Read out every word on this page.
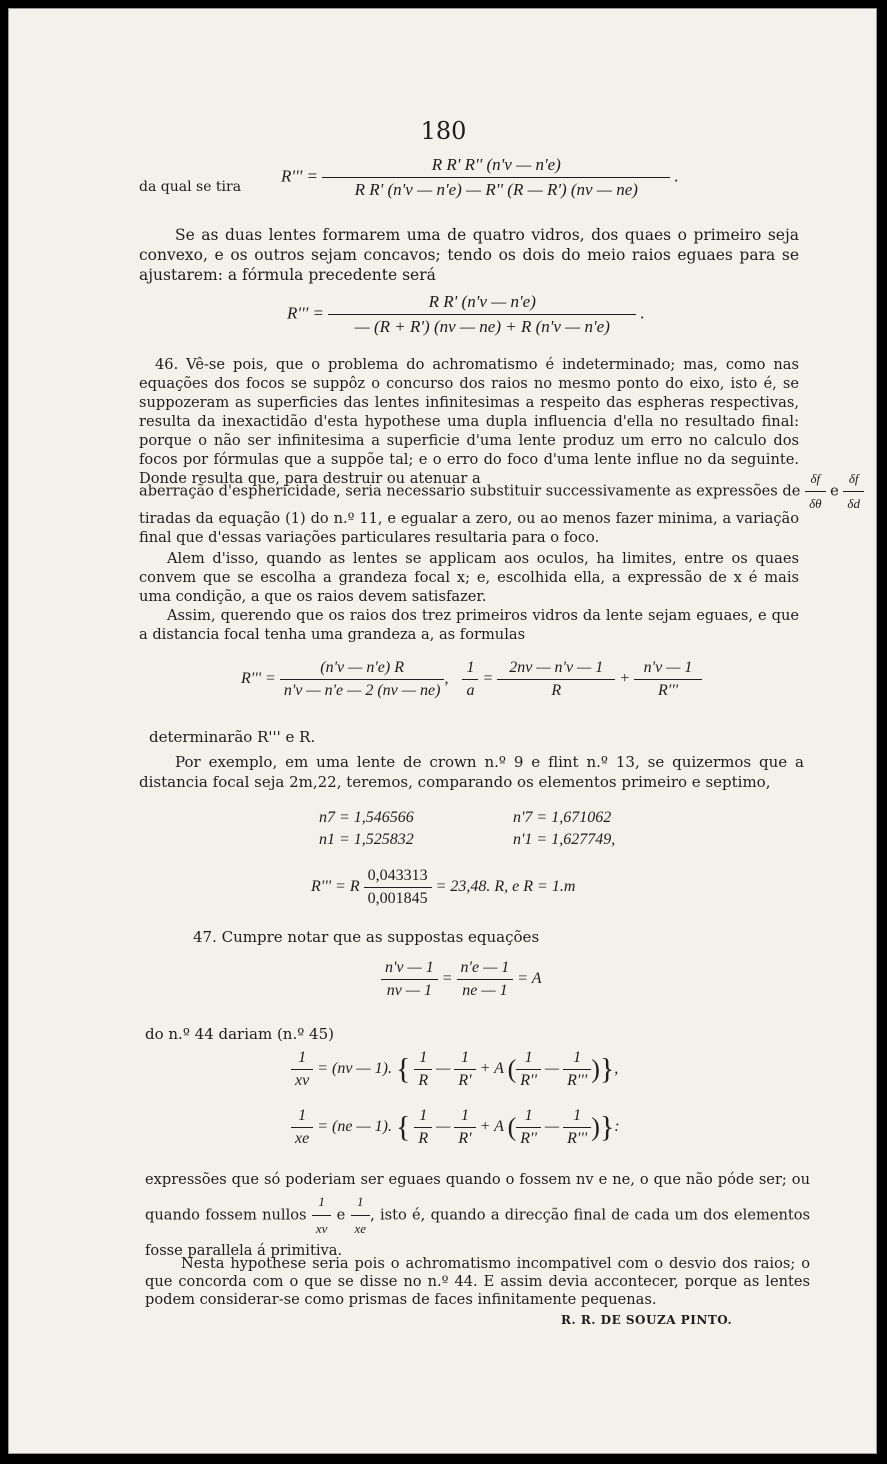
180
da qual se tira
$R''' = \frac{\text{R R' R'' (n'v — n'e)}}{\text{R R' (n'v — n'e) — R'' (R — R') (nv — ne)}}$ .
Se as duas lentes formarem uma de quatro vidros, dos quaes o primeiro seja convexo, e os outros sejam concavos; tendo os dois do meio raios eguaes para se ajustarem: a fórmula precedente será
$R''' = \frac{\text{R R' (n'v — n'e)}}{— (R + R') (nv — ne) + R (n'v — n'e)}$ .
46. Vê-se pois, que o problema do achromatismo é indeterminado; mas, como nas equações dos focos se suppôz o concurso dos raios no mesmo ponto do eixo, isto é, se suppozeram as superficies das lentes infinitesimas a respeito das espheras respectivas, resulta da inexactidão d'esta hypothese uma dupla influencia d'ella no resultado final: porque o não ser infinitesima a superficie d'uma lente produz um erro no calculo dos focos por fórmulas que a suppõe tal; e o erro do foco d'uma lente influe no da seguinte. Donde resulta que, para destruir ou atenuar a
aberração d'esphericidade, seria necessario substituir successivamente as expressões de $\frac{\delta f}{\delta\theta}$ e $\frac{\delta f}{\delta d}$
tiradas da equação (1) do n.º 11, e egualar a zero, ou ao menos fazer minima, a variação final que d'essas variações particulares resultaria para o foco.
Alem d'isso, quando as lentes se applicam aos oculos, ha limites, entre os quaes convem que se escolha a grandeza focal x; e, escolhida ella, a expressão de x é mais uma condição, a que os raios devem satisfazer.
Assim, querendo que os raios dos trez primeiros vidros da lente sejam eguaes, e que a distancia focal tenha uma grandeza a, as formulas
$R''' = \frac{(n'v — n'e) R}{n'v — n'e — 2 (nv — ne)}$ , $\frac{1}{a} = \frac{2nv — n'v — 1}{R} + \frac{n'v — 1}{R'''}$
determinarão R''' e R.
Por exemplo, em uma lente de crown n.º 9 e flint n.º 13, se quizermos que a distancia focal seja 2m,22, teremos, comparando os elementos primeiro e septimo,
n7 = 1,546566	n'7 = 1,671062
n1 = 1,525832	n'1 = 1,627749,
R''' = R $\frac{0,043313}{0,001845} = 23,48$. R, e R = 1.m
47. Cumpre notar que as suppostas equações
$\frac{n'v — 1}{nv — 1} = \frac{n'e — 1}{ne — 1} = A$
do n.º 44 dariam (n.º 45)
$\frac{1}{xv} = (nv$ — 1). { $\frac{1}{R}$ — $\frac{1}{R'} + A$ ( $\frac{1}{R''}$ — $\frac{1}{R'''}$ )},
$\frac{1}{xe} = (ne$ — 1). { $\frac{1}{R}$ — $\frac{1}{R'} + A$ ( $\frac{1}{R''}$ — $\frac{1}{R'''}$ )}:
expressões que só poderiam ser eguaes quando o fossem nv e ne, o que não póde ser; ou quando fossem nullos $\frac{1}{xv}$ e $\frac{1}{xe}$ , isto é, quando a direcção final de cada um dos elementos fosse parallela á primitiva.
Nesta hypothese seria pois o achromatismo incompativel com o desvio dos raios; o que concorda com o que se disse no n.º 44. E assim devia accontecer, porque as lentes podem considerar-se como prismas de faces infinitamente pequenas.
R. R. DE SOUZA PINTO.
